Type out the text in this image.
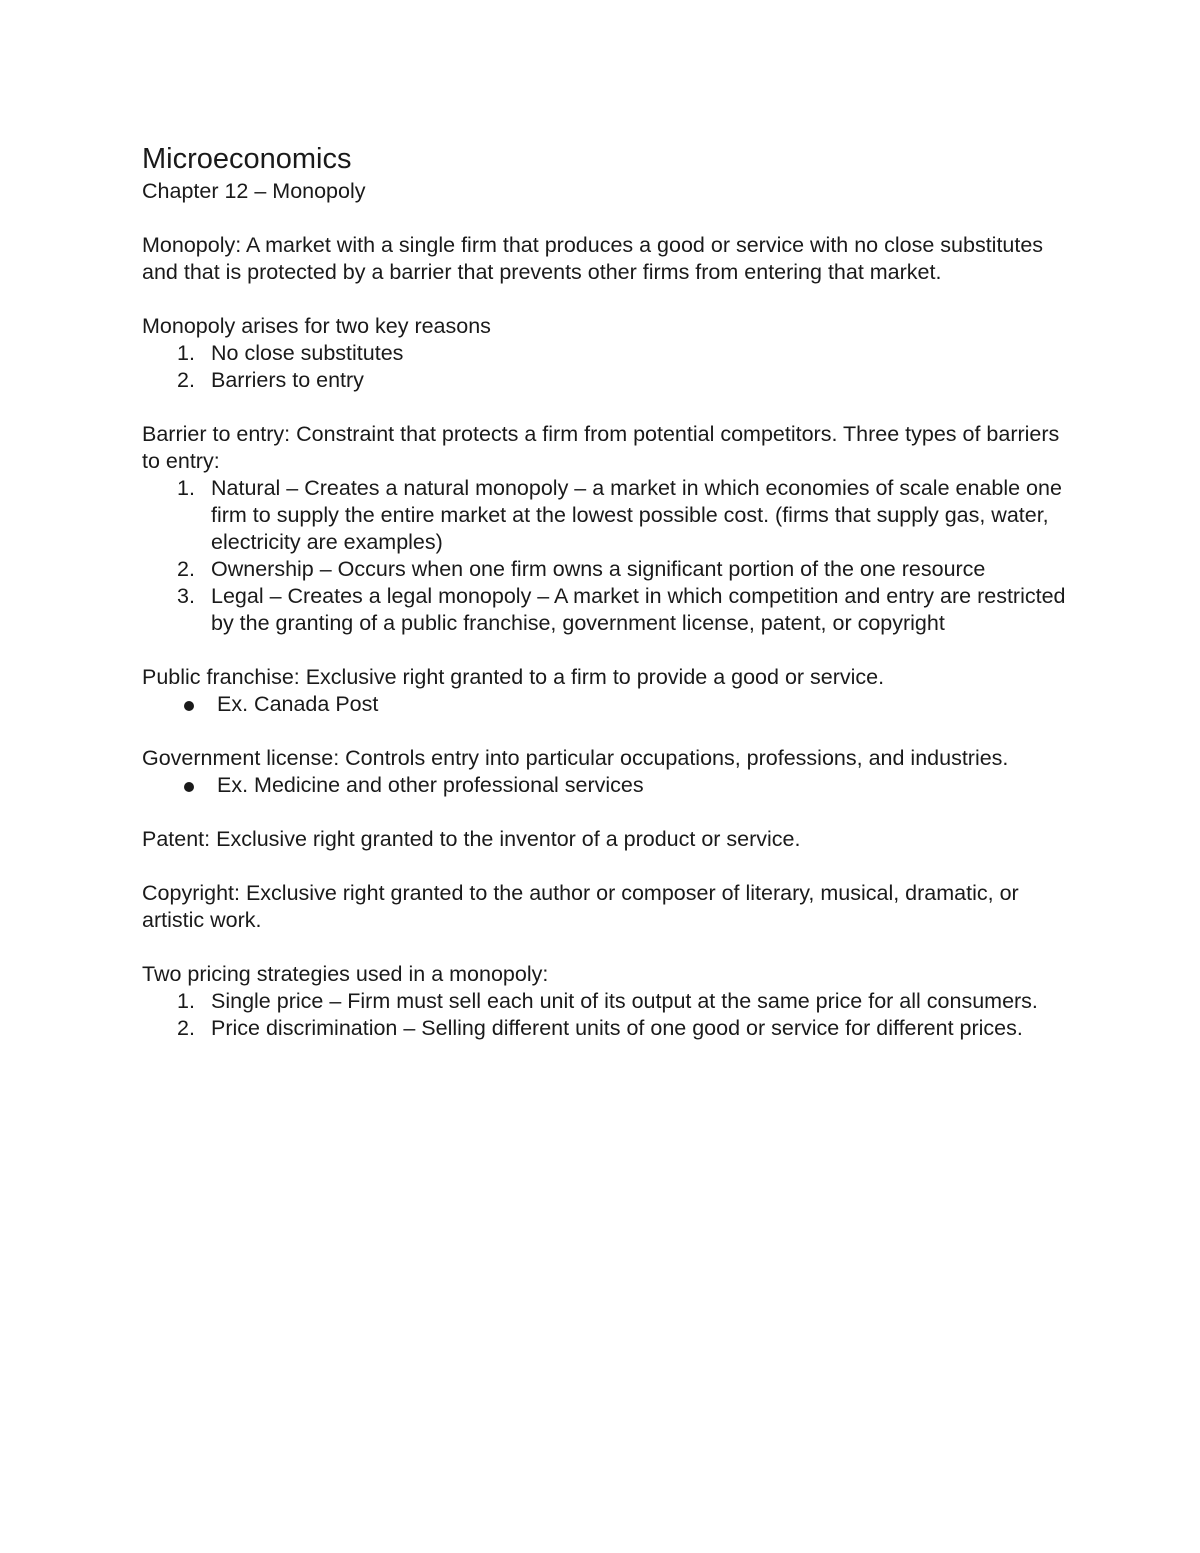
Microeconomics

Chapter 12 – Monopoly

Monopoly: A market with a single firm that produces a good or service with no close substitutes and that is protected by a barrier that prevents other firms from entering that market.

Monopoly arises for two key reasons

1. No close substitutes
2. Barriers to entry

Barrier to entry: Constraint that protects a firm from potential competitors. Three types of barriers to entry:

1. Natural – Creates a natural monopoly – a market in which economies of scale enable one firm to supply the entire market at the lowest possible cost. (firms that supply gas, water, electricity are examples)
2. Ownership – Occurs when one firm owns a significant portion of the one resource
3. Legal – Creates a legal monopoly – A market in which competition and entry are restricted by the granting of a public franchise, government license, patent, or copyright

Public franchise: Exclusive right granted to a firm to provide a good or service.

Ex. Canada Post

Government license: Controls entry into particular occupations, professions, and industries.

Ex. Medicine and other professional services

Patent: Exclusive right granted to the inventor of a product or service.

Copyright: Exclusive right granted to the author or composer of literary, musical, dramatic, or artistic work.

Two pricing strategies used in a monopoly:

1. Single price – Firm must sell each unit of its output at the same price for all consumers.
2. Price discrimination – Selling different units of one good or service for different prices.
